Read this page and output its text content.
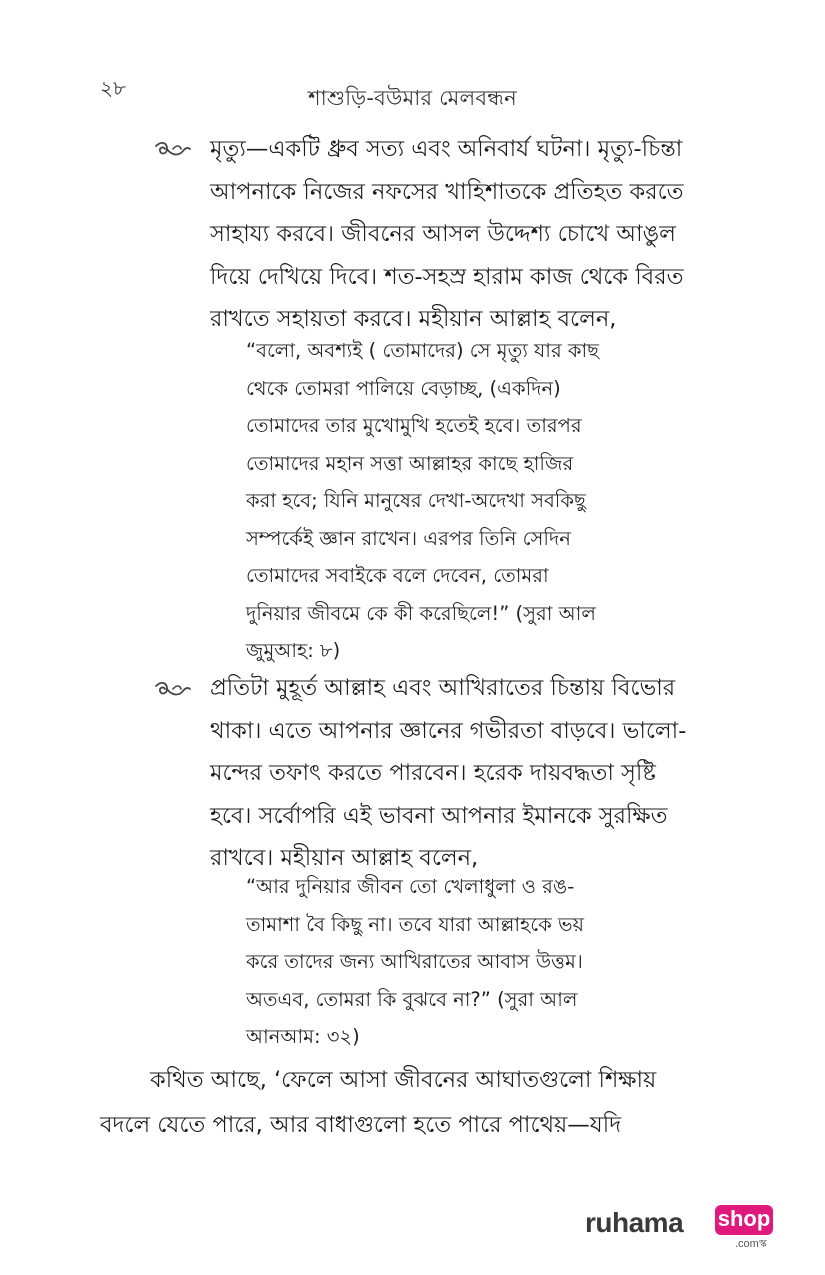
২৮	শাশুড়ি-বউমার মেলবন্ধন
মৃত্যু—একটি ধ্রুব সত্য এবং অনিবার্য ঘটনা। মৃত্যু-চিন্তা
আপনাকে নিজের নফসের খাহিশাতকে প্রতিহত করতে
সাহায্য করবে। জীবনের আসল উদ্দেশ্য চোখে আঙুল
দিয়ে দেখিয়ে দিবে। শত-সহস্র হারাম কাজ থেকে বিরত
রাখতে সহায়তা করবে। মহীয়ান আল্লাহ বলেন,
“বলো, অবশ্যই ( তোমাদের) সে মৃত্যু যার কাছ
থেকে তোমরা পালিয়ে বেড়াচ্ছ, (একদিন)
তোমাদের তার মুখোমুখি হতেই হবে। তারপর
তোমাদের মহান সত্তা আল্লাহর কাছে হাজির
করা হবে; যিনি মানুষের দেখা-অদেখা সবকিছু
সম্পর্কেই জ্ঞান রাখেন। এরপর তিনি সেদিন
তোমাদের সবাইকে বলে দেবেন, তোমরা
দুনিয়ার জীবমে কে কী করেছিলে!” (সুরা আল
জুমুআহ: ৮)
প্রতিটা মুহূর্ত আল্লাহ এবং আখিরাতের চিন্তায় বিভোর
থাকা। এতে আপনার জ্ঞানের গভীরতা বাড়বে। ভালো-
মন্দের তফাৎ করতে পারবেন। হরেক দায়বদ্ধতা সৃষ্টি
হবে। সর্বোপরি এই ভাবনা আপনার ইমানকে সুরক্ষিত
রাখবে। মহীয়ান আল্লাহ বলেন,
“আর দুনিয়ার জীবন তো খেলাধুলা ও রঙ-
তামাশা বৈ কিছু না। তবে যারা আল্লাহকে ভয়
করে তাদের জন্য আখিরাতের আবাস উত্তম।
অতএব, তোমরা কি বুঝবে না?” (সুরা আল
আনআম: ৩২)
কথিত আছে, ‘ফেলে আসা জীবনের আঘাতগুলো শিক্ষায়
বদলে যেতে পারে, আর বাধাগুলো হতে পারে পাথেয়—যদি
ruhama shop
.comস্ক
